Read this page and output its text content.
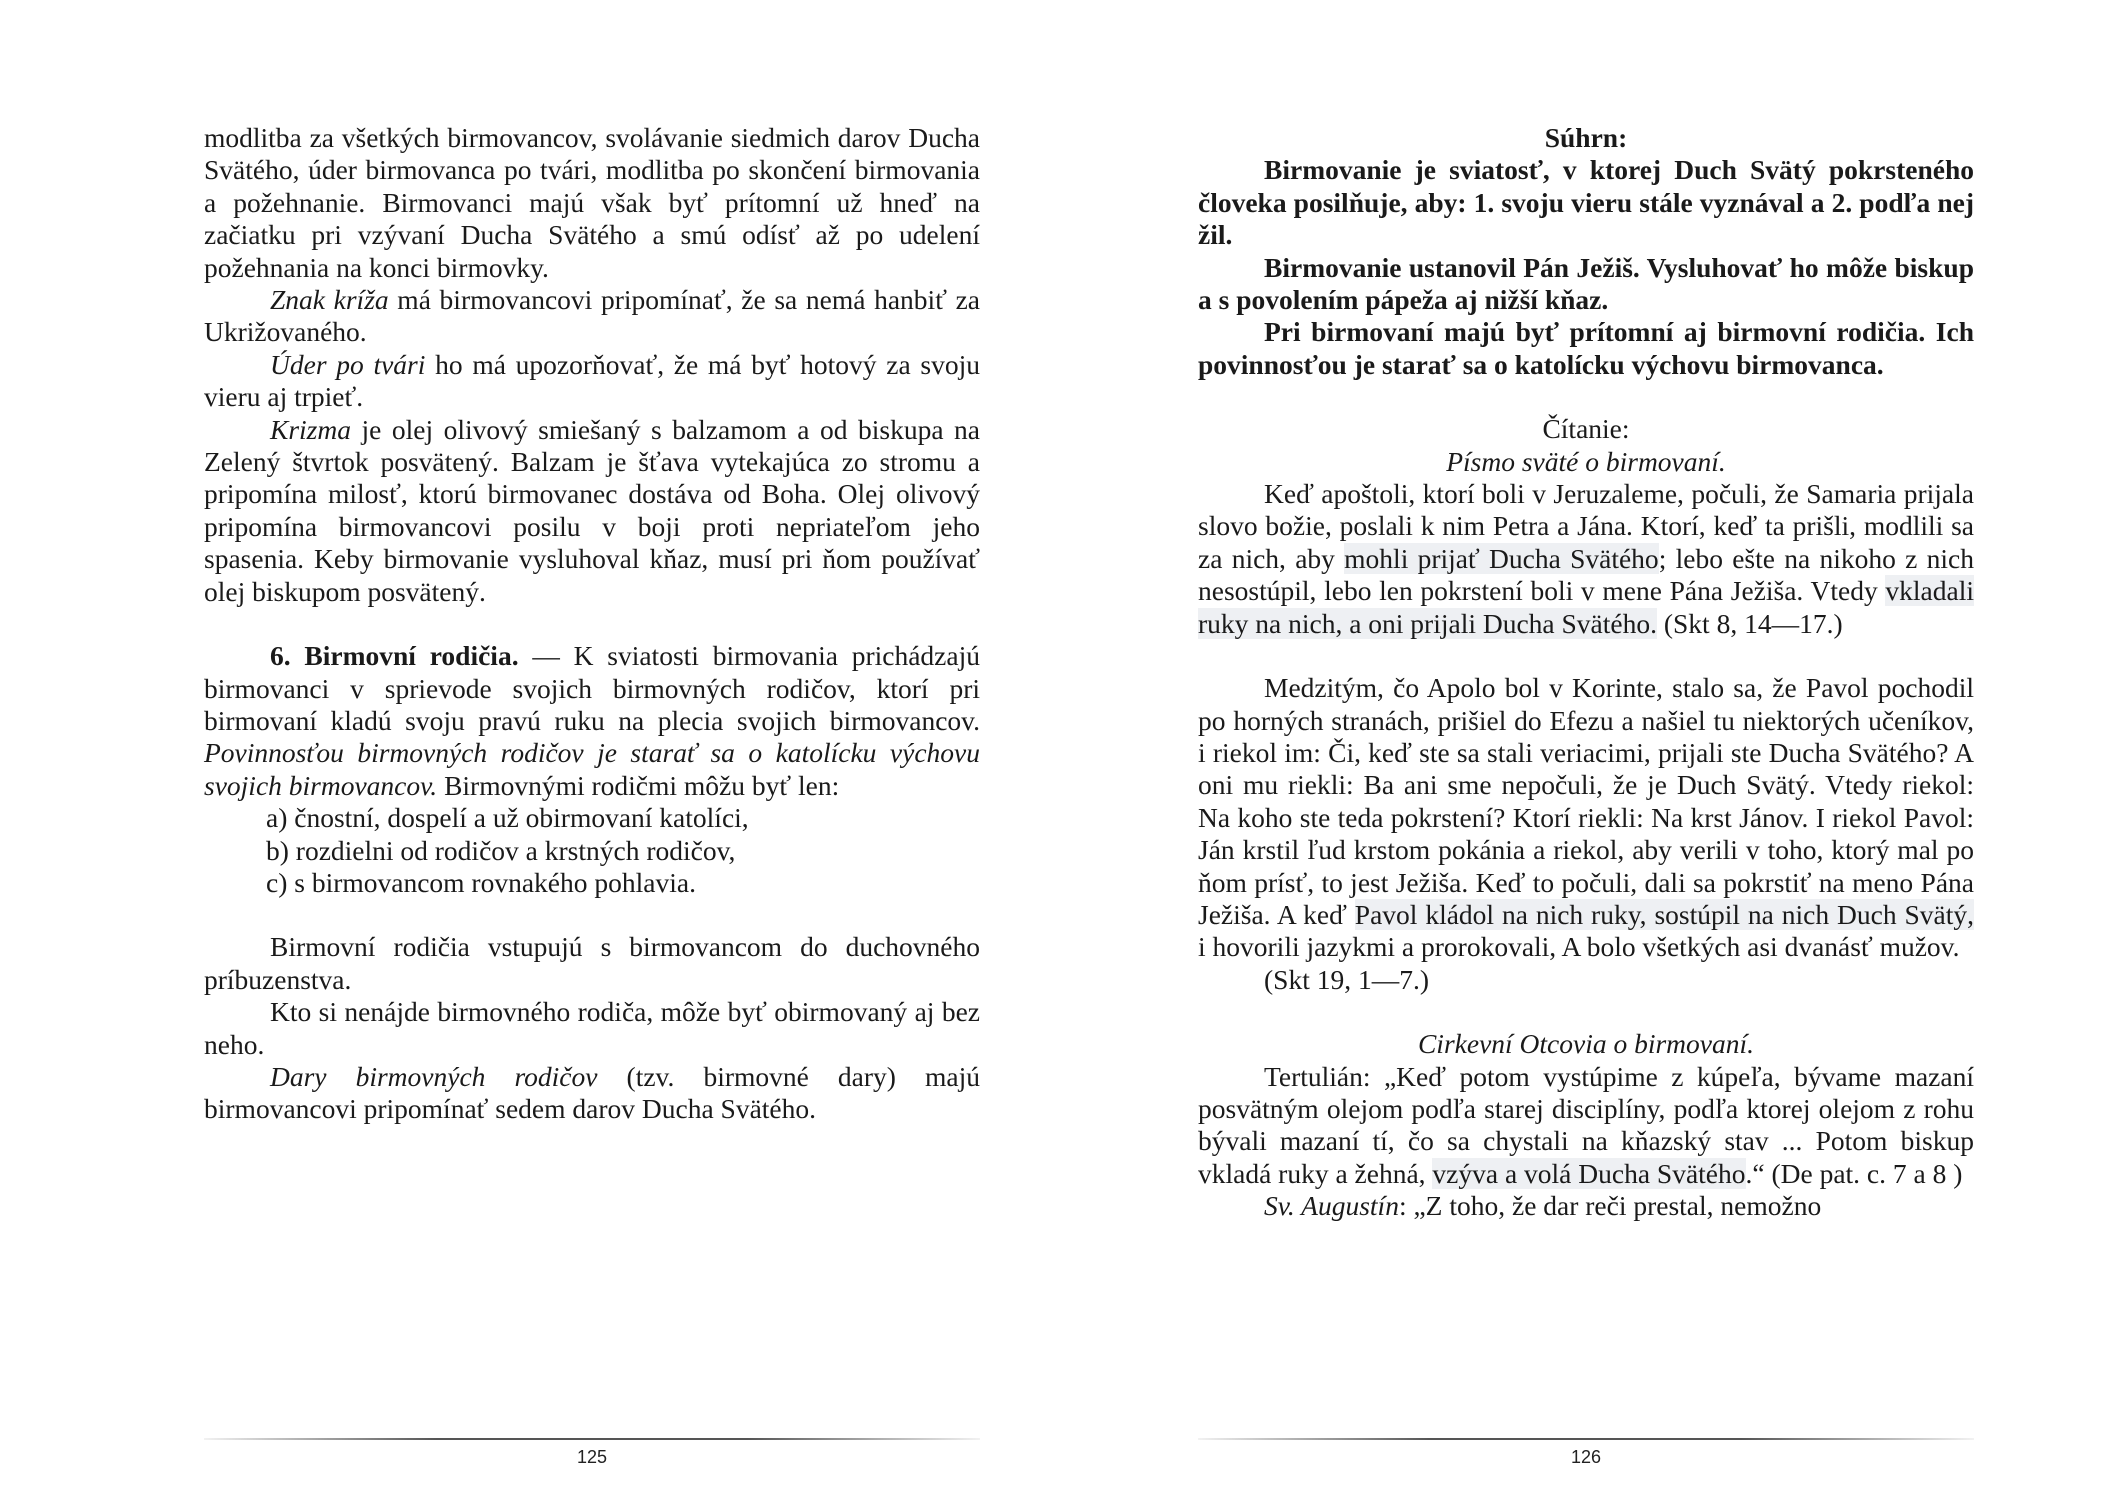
modlitba za všetkých birmovancov, svolávanie siedmich darov Ducha Svätého, úder birmovanca po tvári, modlitba po skončení birmovania a požehnanie. Birmovanci majú však byť prítomní už hneď na začiatku pri vzývaní Ducha Svätého a smú odísť až po udelení požehnania na konci birmovky.

Znak kríža má birmovancovi pripomínať, že sa nemá hanbiť za Ukrižovaného.

Úder po tvári ho má upozorňovať, že má byť hotový za svoju vieru aj trpieť.

Krizma je olej olivový smiešaný s balzamom a od biskupa na Zelený štvrtok posvätený. Balzam je šťava vytekajúca zo stromu a pripomína milosť, ktorú birmovanec dostáva od Boha. Olej olivový pripomína birmovancovi posilu v boji proti nepriateľom jeho spasenia. Keby birmovanie vysluhoval kňaz, musí pri ňom používať olej biskupom posvätený.

6. Birmovní rodičia. — K sviatosti birmovania prichádzajú birmovanci v sprievode svojich birmovných rodičov, ktorí pri birmovaní kladú svoju pravú ruku na plecia svojich birmovancov. Povinnosťou birmovných rodičov je starať sa o katolícku výchovu svojich birmovancov. Birmovnými rodičmi môžu byť len:

a) čnostní, dospelí a už obirmovaní katolíci,

b) rozdielni od rodičov a krstných rodičov,

c) s birmovancom rovnakého pohlavia.

Birmovní rodičia vstupujú s birmovancom do duchovného príbuzenstva.

Kto si nenájde birmovného rodiča, môže byť obirmovaný aj bez neho.

Dary birmovných rodičov (tzv. birmovné dary) majú birmovancovi pripomínať sedem darov Ducha Svätého.

125

Súhrn:

Birmovanie je sviatosť, v ktorej Duch Svätý pokrsteného človeka posilňuje, aby: 1. svoju vieru stále vyznával a 2. podľa nej žil.

Birmovanie ustanovil Pán Ježiš. Vysluhovať ho môže biskup a s povolením pápeža aj nižší kňaz.

Pri birmovaní majú byť prítomní aj birmovní rodičia. Ich povinnosťou je starať sa o katolícku výchovu birmovanca.

Čítanie:

Písmo sväté o birmovaní.

Keď apoštoli, ktorí boli v Jeruzaleme, počuli, že Samaria prijala slovo božie, poslali k nim Petra a Jána. Ktorí, keď ta prišli, modlili sa za nich, aby mohli prijať Ducha Svätého; lebo ešte na nikoho z nich nesostúpil, lebo len pokrstení boli v mene Pána Ježiša. Vtedy vkladali ruky na nich, a oni prijali Ducha Svätého. (Skt 8, 14—17.)

Medzitým, čo Apolo bol v Korinte, stalo sa, že Pavol pochodil po horných stranách, prišiel do Efezu a našiel tu niektorých učeníkov, i riekol im: Či, keď ste sa stali veriacimi, prijali ste Ducha Svätého? A oni mu riekli: Ba ani sme nepočuli, že je Duch Svätý. Vtedy riekol: Na koho ste teda pokrstení? Ktorí riekli: Na krst Jánov. I riekol Pavol: Ján krstil ľud krstom pokánia a riekol, aby verili v toho, ktorý mal po ňom prísť, to jest Ježiša. Keď to počuli, dali sa pokrstiť na meno Pána Ježiša. A keď Pavol kládol na nich ruky, sostúpil na nich Duch Svätý, i hovorili jazykmi a prorokovali, A bolo všetkých asi dvanásť mužov.

(Skt 19, 1—7.)

Cirkevní Otcovia o birmovaní.

Tertulián: „Keď potom vystúpime z kúpeľa, bývame mazaní posvätným olejom podľa starej disciplíny, podľa ktorej olejom z rohu bývali mazaní tí, čo sa chystali na kňazský stav ... Potom biskup vkladá ruky a žehná, vzýva a volá Ducha Svätého.“ (De pat. c. 7 a 8 )

Sv. Augustín: „Z toho, že dar reči prestal, nemožno

126
